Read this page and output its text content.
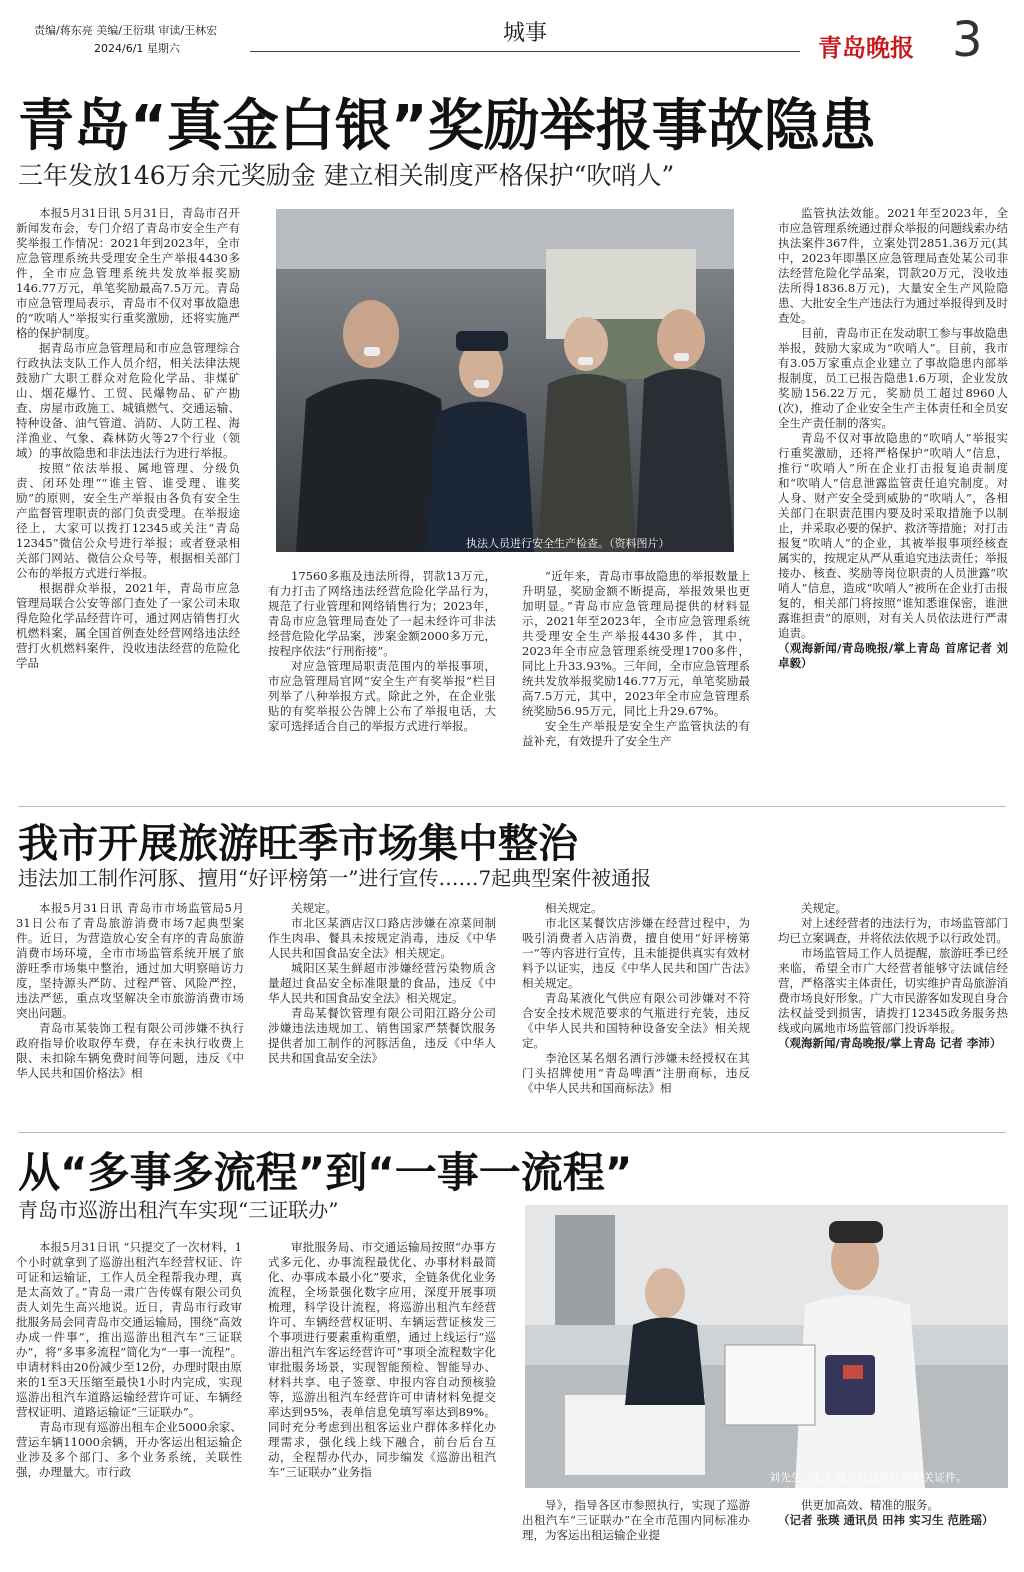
责编/蒋东亮 美编/王衍琪 审读/王林宏
2024/6/1 星期六
城事	青岛晚报 3
青岛“真金白银”奖励举报事故隐患
三年发放146万余元奖励金 建立相关制度严格保护“吹哨人”

本报5月31日讯 5月31日，青岛市召开新闻发布会，专门介绍了青岛市安全生产有奖举报工作情况：2021年到2023年，全市应急管理系统共受理安全生产举报4430多件，全市应急管理系统共发放举报奖励146.77万元，单笔奖励最高7.5万元。青岛市应急管理局表示，青岛市不仅对事故隐患的“吹哨人”举报实行重奖激励，还将实施严格的保护制度。

据青岛市应急管理局和市应急管理综合行政执法支队工作人员介绍，相关法律法规鼓励广大职工群众对危险化学品、非煤矿山、烟花爆竹、工贸、民爆物品、矿产勘查、房屋市政施工、城镇燃气、交通运输、特种设备、油气管道、消防、人防工程、海洋渔业、气象、森林防火等27个行业（领域）的事故隐患和非法违法行为进行举报。

按照“依法举报、属地管理、分级负责、闭环处理”“谁主管、谁受理、谁奖励”的原则，安全生产举报由各负有安全生产监督管理职责的部门负责受理。在举报途径上，大家可以拨打12345或关注“青岛12345”微信公众号进行举报；或者登录相关部门网站、微信公众号等，根据相关部门公布的举报方式进行举报。

根据群众举报，2021年，青岛市应急管理局联合公安等部门查处了一家公司未取得危险化学品经营许可，通过网店销售打火机燃料案，属全国首例查处经营网络违法经营打火机燃料案件，没收违法经营的危险化学品

执法人员进行安全生产检查。（资料图片）

17560多瓶及违法所得，罚款13万元，有力打击了网络违法经营危险化学品行为，规范了行业管理和网络销售行为；2023年，青岛市应急管理局查处了一起未经许可非法经营危险化学品案，涉案金额2000多万元，按程序依法“行刑衔接”。

对应急管理局职责范围内的举报事项，市应急管理局官网“安全生产有奖举报”栏目列举了八种举报方式。除此之外，在企业张贴的有奖举报公告牌上公布了举报电话，大家可选择适合自己的举报方式进行举报。

“近年来，青岛市事故隐患的举报数量上升明显，奖励金额不断提高，举报效果也更加明显。”青岛市应急管理局提供的材料显示，2021年至2023年，全市应急管理系统共受理安全生产举报4430多件，其中，2023年全市应急管理系统受理1700多件，同比上升33.93%。三年间，全市应急管理系统共发放举报奖励146.77万元，单笔奖励最高7.5万元，其中，2023年全市应急管理系统奖励56.95万元，同比上升29.67%。

安全生产举报是安全生产监管执法的有益补充，有效提升了安全生产

监管执法效能。2021年至2023年，全市应急管理系统通过群众举报的问题线索办结执法案件367件，立案处罚2851.36万元(其中，2023年即墨区应急管理局查处某公司非法经营危险化学品案，罚款20万元，没收违法所得1836.8万元)，大量安全生产风险隐患、大批安全生产违法行为通过举报得到及时查处。

目前，青岛市正在发动职工参与事故隐患举报，鼓励大家成为“吹哨人”。目前，我市有3.05万家重点企业建立了事故隐患内部举报制度，员工已报告隐患1.6万项，企业发放奖励156.22万元，奖励员工超过8960人(次)，推动了企业安全生产主体责任和全员安全生产责任制的落实。

青岛不仅对事故隐患的“吹哨人”举报实行重奖激励，还将严格保护“吹哨人”信息，推行“吹哨人”所在企业打击报复追责制度和“吹哨人”信息泄露监管责任追究制度。对人身、财产安全受到威胁的“吹哨人”，各相关部门在职责范围内要及时采取措施予以制止，并采取必要的保护、救济等措施；对打击报复“吹哨人”的企业，其被举报事项经核查属实的，按规定从严从重追究违法责任；举报接办、核查、奖励等岗位职责的人员泄露“吹哨人”信息，造成“吹哨人”被所在企业打击报复的，相关部门将按照“谁知悉谁保密，谁泄露谁担责”的原则，对有关人员依法进行严肃追责。

（观海新闻/青岛晚报/掌上青岛 首席记者 刘卓毅）

我市开展旅游旺季市场集中整治
违法加工制作河豚、擅用“好评榜第一”进行宣传……7起典型案件被通报

本报5月31日讯 青岛市市场监管局5月31日公布了青岛旅游消费市场7起典型案件。近日，为营造放心安全有序的青岛旅游消费市场环境，全市市场监管系统开展了旅游旺季市场集中整治，通过加大明察暗访力度，坚持源头严防、过程严管、风险严控，违法严惩，重点攻坚解决全市旅游消费市场突出问题。

青岛市某装饰工程有限公司涉嫌不执行政府指导价收取停车费，存在未执行收费上限、未扣除车辆免费时间等问题，违反《中华人民共和国价格法》相

关规定。

市北区某酒店汉口路店涉嫌在凉菜间制作生肉串、餐具未按规定消毒，违反《中华人民共和国食品安全法》相关规定。

城阳区某生鲜超市涉嫌经营污染物质含量超过食品安全标准限量的食品，违反《中华人民共和国食品安全法》相关规定。

青岛某餐饮管理有限公司阳江路分公司涉嫌违法违规加工、销售国家严禁餐饮服务提供者加工制作的河豚活鱼，违反《中华人民共和国食品安全法》

相关规定。

市北区某餐饮店涉嫌在经营过程中，为吸引消费者入店消费，擅自使用“好评榜第一”等内容进行宣传，且未能提供真实有效材料予以证实，违反《中华人民共和国广告法》相关规定。

青岛某液化气供应有限公司涉嫌对不符合安全技术规范要求的气瓶进行充装，违反《中华人民共和国特种设备安全法》相关规定。

李沧区某名烟名酒行涉嫌未经授权在其门头招牌使用“青岛啤酒”注册商标，违反《中华人民共和国商标法》相

关规定。

对上述经营者的违法行为，市场监管部门均已立案调查，并将依法依规予以行政处罚。

市场监管局工作人员提醒，旅游旺季已经来临，希望全市广大经营者能够守法诚信经营，严格落实主体责任，切实维护青岛旅游消费市场良好形象。广大市民游客如发现自身合法权益受到损害，请拨打12345政务服务热线或向属地市场监管部门投诉举报。

（观海新闻/青岛晚报/掌上青岛 记者 李沛）

从“多事多流程”到“一事一流程”
青岛市巡游出租汽车实现“三证联办”

本报5月31日讯 “只提交了一次材料，1个小时就拿到了巡游出租汽车经营权证、许可证和运输证，工作人员全程帮我办理，真是太高效了。”青岛一肃广告传媒有限公司负责人刘先生高兴地说。近日，青岛市行政审批服务局会同青岛市交通运输局，围绕“高效办成一件事”，推出巡游出租汽车“三证联办”，将“多事多流程”简化为“一事一流程”。申请材料由20份减少至12份，办理时限由原来的1至3天压缩至最快1小时内完成，实现巡游出租汽车道路运输经营许可证、车辆经营权证明、道路运输证“三证联办”。

青岛市现有巡游出租车企业5000余家、营运车辆11000余辆，开办客运出租运输企业涉及多个部门、多个业务系统，关联性强，办理量大。市行政

审批服务局、市交通运输局按照“办事方式多元化、办事流程最优化、办事材料最简化、办事成本最小化”要求，全链条优化业务流程，全场景强化数字应用，深度开展事项梳理，科学设计流程，将巡游出租汽车经营许可、车辆经营权证明、车辆运营证核发三个事项进行要素重构重塑，通过上线运行“巡游出租汽车客运经营许可”事项全流程数字化审批服务场景，实现智能预检、智能导办、材料共享、电子签章、申报内容自动预核验等，巡游出租汽车经营许可申请材料免提交率达到95%，表单信息免填写率达到89%。同时充分考虑到出租客运业户群体多样化办理需求，强化线上线下融合，前台后台互动，全程帮办代办，同步编发《巡游出租汽车“三证联办”业务指	刘先生（右）展示自己办好的相关证件。

导》，指导各区市参照执行，实现了巡游出租汽车“三证联办”在全市范围内同标准办理，为客运出租运输企业提

供更加高效、精准的服务。

（记者 张瑛 通讯员 田祎 实习生 范胜瑶）
